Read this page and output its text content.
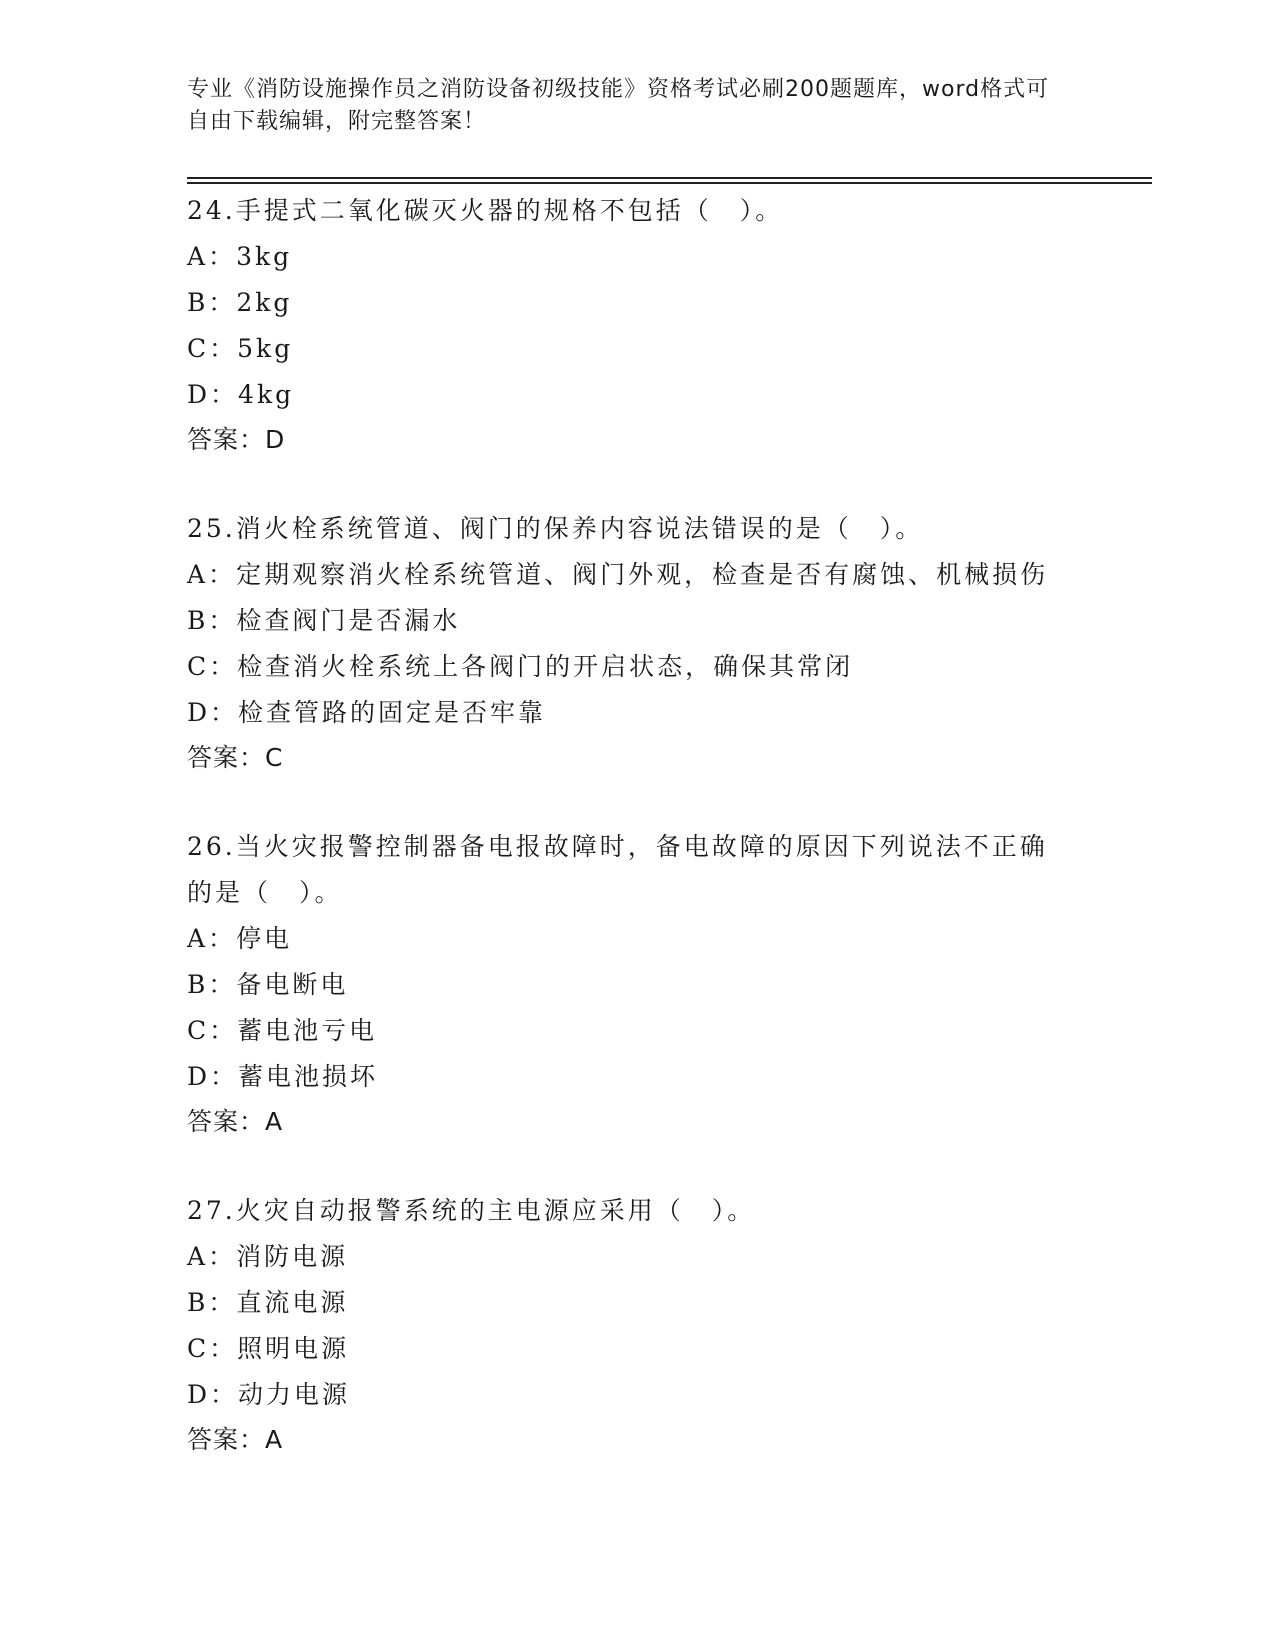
专业《消防设施操作员之消防设备初级技能》资格考试必刷200题题库，word格式可自由下载编辑，附完整答案！

24.手提式二氧化碳灭火器的规格不包括（　）。

A：3kg
B：2kg
C：5kg
D：4kg

答案：D

25.消火栓系统管道、阀门的保养内容说法错误的是（　）。

A：定期观察消火栓系统管道、阀门外观，检查是否有腐蚀、机械损伤
B：检查阀门是否漏水
C：检查消火栓系统上各阀门的开启状态，确保其常闭
D：检查管路的固定是否牢靠

答案：C

26.当火灾报警控制器备电报故障时，备电故障的原因下列说法不正确的是（　）。

A：停电
B：备电断电
C：蓄电池亏电
D：蓄电池损坏

答案：A

27.火灾自动报警系统的主电源应采用（　）。

A：消防电源
B：直流电源
C：照明电源
D：动力电源

答案：A
